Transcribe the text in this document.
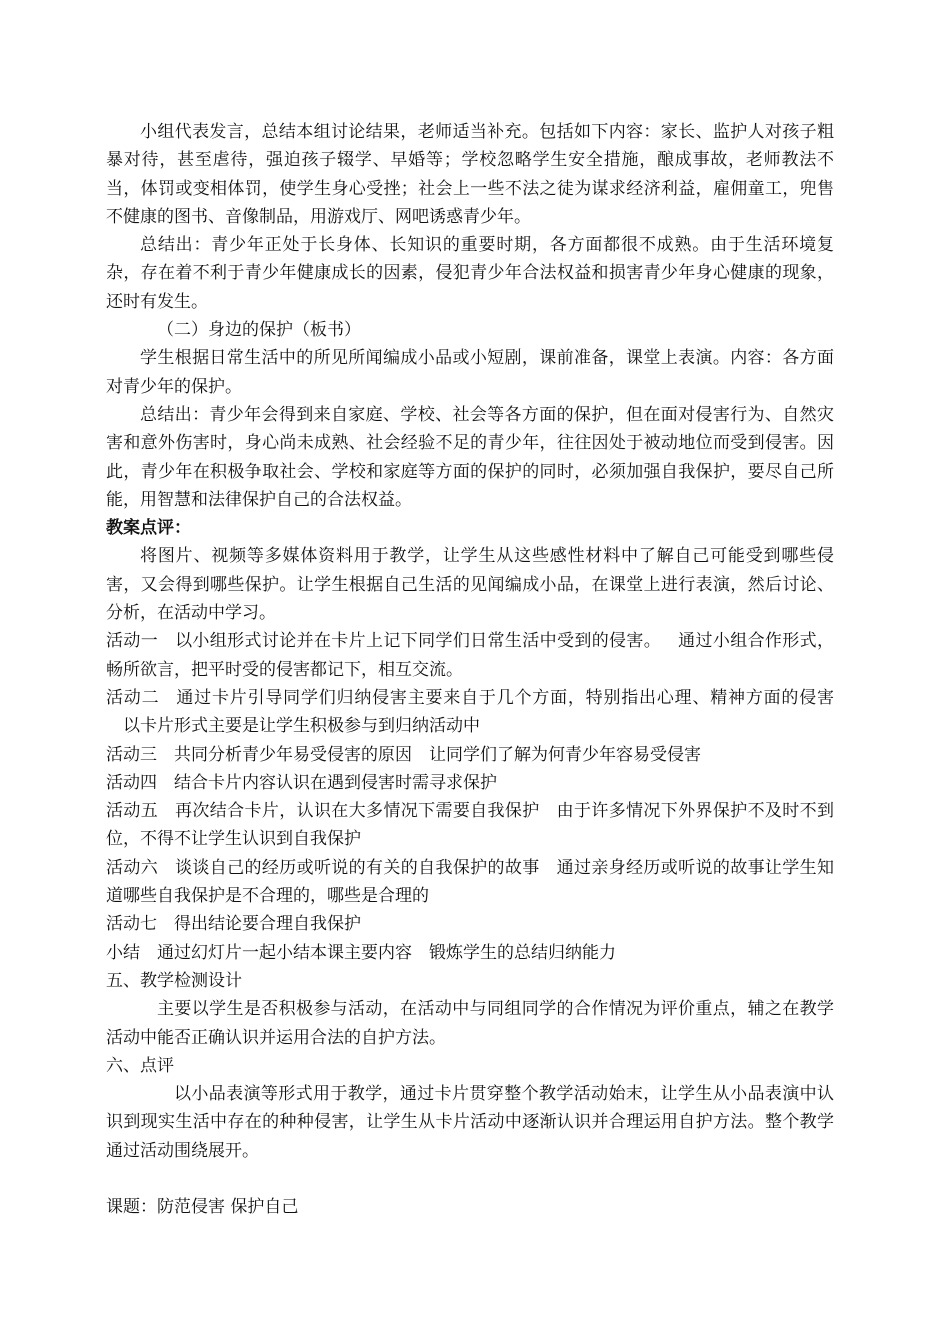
小组代表发言，总结本组讨论结果，老师适当补充。包括如下内容：家长、监护人对孩子粗暴对待，甚至虐待，强迫孩子辍学、早婚等；学校忽略学生安全措施，酿成事故，老师教法不当，体罚或变相体罚，使学生身心受挫；社会上一些不法之徒为谋求经济利益，雇佣童工，兜售不健康的图书、音像制品，用游戏厅、网吧诱惑青少年。

总结出：青少年正处于长身体、长知识的重要时期，各方面都很不成熟。由于生活环境复杂，存在着不利于青少年健康成长的因素，侵犯青少年合法权益和损害青少年身心健康的现象，还时有发生。

（二）身边的保护（板书）

学生根据日常生活中的所见所闻编成小品或小短剧，课前准备，课堂上表演。内容：各方面对青少年的保护。

总结出：青少年会得到来自家庭、学校、社会等各方面的保护，但在面对侵害行为、自然灾害和意外伤害时，身心尚未成熟、社会经验不足的青少年，往往因处于被动地位而受到侵害。因此，青少年在积极争取社会、学校和家庭等方面的保护的同时，必须加强自我保护，要尽自己所能，用智慧和法律保护自己的合法权益。

教案点评：

将图片、视频等多媒体资料用于教学，让学生从这些感性材料中了解自己可能受到哪些侵害，又会得到哪些保护。让学生根据自己生活的见闻编成小品，在课堂上进行表演，然后讨论、分析，在活动中学习。

活动一 以小组形式讨论并在卡片上记下同学们日常生活中受到的侵害。 通过小组合作形式，畅所欲言，把平时受的侵害都记下，相互交流。

活动二 通过卡片引导同学们归纳侵害主要来自于几个方面，特别指出心理、精神方面的侵害以卡片形式主要是让学生积极参与到归纳活动中

活动三 共同分析青少年易受侵害的原因 让同学们了解为何青少年容易受侵害

活动四 结合卡片内容认识在遇到侵害时需寻求保护

活动五 再次结合卡片，认识在大多情况下需要自我保护 由于许多情况下外界保护不及时不到位，不得不让学生认识到自我保护

活动六 谈谈自己的经历或听说的有关的自我保护的故事 通过亲身经历或听说的故事让学生知道哪些自我保护是不合理的，哪些是合理的

活动七 得出结论要合理自我保护

小结 通过幻灯片一起小结本课主要内容 锻炼学生的总结归纳能力

五、教学检测设计

主要以学生是否积极参与活动，在活动中与同组同学的合作情况为评价重点，辅之在教学活动中能否正确认识并运用合法的自护方法。

六、点评

以小品表演等形式用于教学，通过卡片贯穿整个教学活动始末，让学生从小品表演中认识到现实生活中存在的种种侵害，让学生从卡片活动中逐渐认识并合理运用自护方法。整个教学通过活动围绕展开。

课题：防范侵害 保护自己
